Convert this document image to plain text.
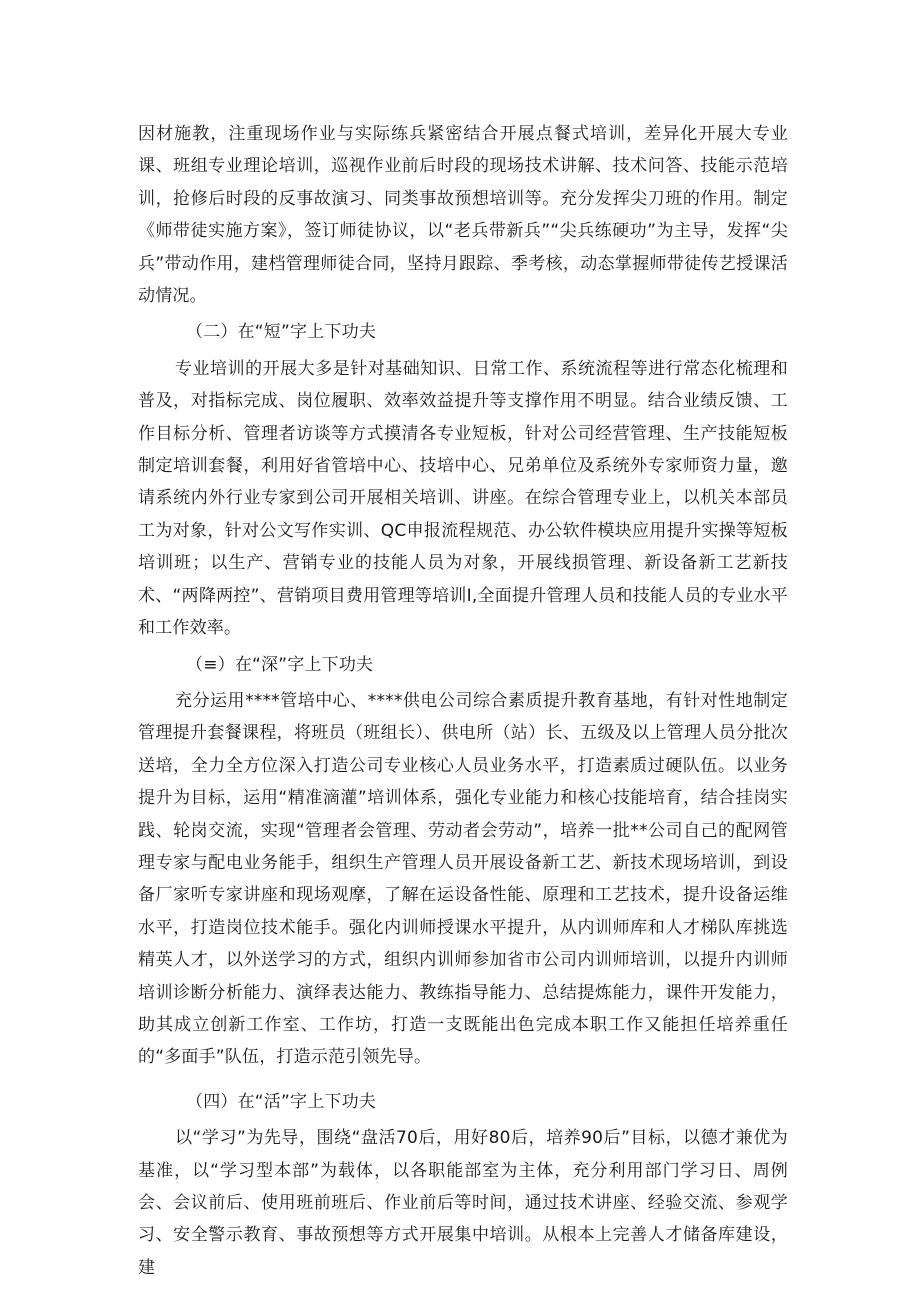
因材施教，注重现场作业与实际练兵紧密结合开展点餐式培训，差异化开展大专业课、班组专业理论培训，巡视作业前后时段的现场技术讲解、技术问答、技能示范培训，抢修后时段的反事故演习、同类事故预想培训等。充分发挥尖刀班的作用。制定《师带徒实施方案》，签订师徒协议，以“老兵带新兵”“尖兵练硬功”为主导，发挥“尖兵”带动作用，建档管理师徒合同，坚持月跟踪、季考核，动态掌握师带徒传艺授课活动情况。

（二）在“短”字上下功夫

专业培训的开展大多是针对基础知识、日常工作、系统流程等进行常态化梳理和普及，对指标完成、岗位履职、效率效益提升等支撑作用不明显。结合业绩反馈、工作目标分析、管理者访谈等方式摸清各专业短板，针对公司经营管理、生产技能短板制定培训套餐，利用好省管培中心、技培中心、兄弟单位及系统外专家师资力量，邀请系统内外行业专家到公司开展相关培训、讲座。在综合管理专业上，以机关本部员工为对象，针对公文写作实训、QC申报流程规范、办公软件模块应用提升实操等短板培训班；以生产、营销专业的技能人员为对象，开展线损管理、新设备新工艺新技术、“两降两控”、营销项目费用管理等培训I,全面提升管理人员和技能人员的专业水平和工作效率。

（≡）在“深”字上下功夫

充分运用****管培中心、****供电公司综合素质提升教育基地，有针对性地制定管理提升套餐课程，将班员（班组长）、供电所（站）长、五级及以上管理人员分批次送培，全力全方位深入打造公司专业核心人员业务水平，打造素质过硬队伍。以业务提升为目标，运用“精准滴灌”培训体系，强化专业能力和核心技能培育，结合挂岗实践、轮岗交流，实现“管理者会管理、劳动者会劳动”，培养一批**公司自己的配网管理专家与配电业务能手，组织生产管理人员开展设备新工艺、新技术现场培训，到设备厂家听专家讲座和现场观摩，了解在运设备性能、原理和工艺技术，提升设备运维水平，打造岗位技术能手。强化内训师授课水平提升，从内训师库和人才梯队库挑选精英人才，以外送学习的方式，组织内训师参加省市公司内训师培训，以提升内训师培训诊断分析能力、演绎表达能力、教练指导能力、总结提炼能力，课件开发能力，助其成立创新工作室、工作坊，打造一支既能出色完成本职工作又能担任培养重任的“多面手”队伍，打造示范引领先导。

（四）在“活”字上下功夫

以“学习”为先导，围绕“盘活70后，用好80后，培养90后”目标，以德才兼优为基准，以“学习型本部”为载体，以各职能部室为主体，充分利用部门学习日、周例会、会议前后、使用班前班后、作业前后等时间，通过技术讲座、经验交流、参观学习、安全警示教育、事故预想等方式开展集中培训。从根本上完善人才储备库建设，建
